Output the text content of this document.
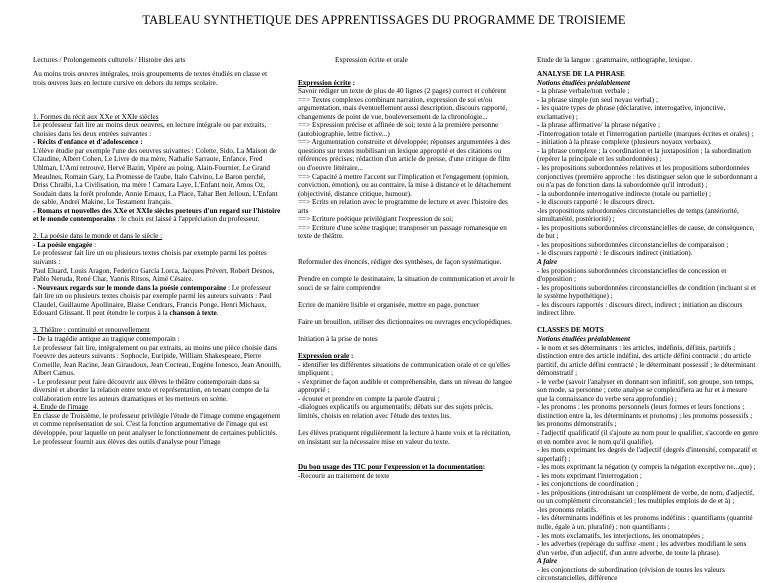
TABLEAU SYNTHETIQUE DES APPRENTISSAGES DU PROGRAMME DE TROISIEME
Lectures / Prolongements culturels / Histoire des arts	Expression écrite et orale	Etude de la langue : grammaire, orthographe, lexique.

Au moins trois œuvres intégrales, trois groupements de textes étudiés en classe et trois œuvres lues en lecture cursive en dehors du temps scolaire.

1. Formes du récit aux XXe et XXIe siècles

Le professeur fait lire au moins deux oeuvres, en lecture intégrale ou par extraits, choisies dans les deux entrées suivantes :

- Récits d'enfance et d'adolescence :

L'élève étudie par exemple l'une des oeuvres suivantes : Colette, Sido, La Maison de Claudine, Albert Cohen, Le Livre de ma mère, Nathalie Sarraute, Enfance, Fred Uhlman, L'Ami retrouvé, Hervé Bazin, Vipère au poing, Alain-Fournier, Le Grand Meaulnes, Romain Gary, La Promesse de l'aube, Italo Calvino, Le Baron perché, Driss Chraïbi, La Civilisation, ma mère ! Camara Laye, L'Enfant noir, Amos Oz, Soudain dans la forêt profonde, Annie Ernaux, La Place, Tahar Ben Jelloun, L'Enfant de sable, Andreï Makine, Le Testament français.

- Romans et nouvelles des XXe et XXIe siècles porteurs d'un regard sur l'histoire et le monde contemporains : le choix est laissé à l'appréciation du professeur.

2. La poésie dans le monde et dans le siècle :

- La poésie engagée :

Le professeur fait lire un ou plusieurs textes choisis par exemple parmi les poètes suivants :

Paul Eluard, Louis Aragon, Federico García Lorca, Jacques Prévert, Robert Desnos, Pablo Neruda, René Char, Yannis Ritsos, Aimé Césaire.

- Nouveaux regards sur le monde dans la poésie contemporaine : Le professeur fait lire un ou plusieurs textes choisis par exemple parmi les auteurs suivants : Paul Claudel, Guillaume Apollinaire, Blaise Cendrars, Francis Ponge, Henri Michaux, Edouard Glissant. Il peut étendre le corpus à la chanson à texte.

3. Théâtre : continuité et renouvellement

- De la tragédie antique au tragique contemporain :

Le professeur fait lire, intégralement ou par extraits, au moins une pièce choisie dans l'oeuvre des auteurs suivants : Sophocle, Euripide, William Shakespeare, Pierre Corneille, Jean Racine, Jean Giraudoux, Jean Cocteau, Eugène Ionesco, Jean Anouilh, Albert Camus.

- Le professeur peut faire découvrir aux élèves le théâtre contemporain dans sa diversité et aborder la relation entre texte et représentation, en tenant compte de la collaboration entre les auteurs dramatiques et les metteurs en scène.

4. Etude de l'image

En classe de Troisième, le professeur privilégie l'étude de l'image comme engagement et comme représentation de soi. C'est la fonction argumentative de l'image qui est développée, pour laquelle on peut analyser le fonctionnement de certaines publicités. Le professeur fournit aux élèves des outils d'analyse pour l'image

Expression écrite :

Savoir rédiger un texte de plus de 40 lignes (2 pages) correct et cohérent

==> Textes complexes combinant narration, expression de soi et/ou argumentation, mais éventuellement aussi description, discours rapporté, changements de point de vue, bouleversement de la chronologie...

==> Expression précise et affinée de soi; texte à la première personne (autobiographie, lettre fictive...)

==> Argumentation construite et développée; réponses argumentées à des questions sur textes mobilisant un lexique approprié et des citations ou références précises; rédaction d'un article de presse, d'une critique de film ou d'oeuvre littéraire...

==> Capacité à mettre l'accent sur l'implication et l'engagement (opinion, conviction, émotion), ou au contraire, la mise à distance et le détachement (objectivité, distance critique, humour).

==> Ecrits en relation avec le programme de lecture et avec l'histoire des arts

==> Ecriture poétique privilégiant l'expression de soi;

==> Ecriture d'une scène tragique; transposer un passage romanesque en texte de théâtre.

Reformuler des énoncés, rédiger des synthèses, de façon systématique.

Prendre en compte le destinataire, la situation de communication et avoir le souci de se faire comprendre

Ecrire de manière lisible et organisée, mettre en page, ponctuer

Faire un brouillon, utiliser des dictionnaires ou ouvrages encyclopédiques.

Initiation à la prise de notes

Expression orale :

- identifier les différentes situations de communication orale et ce qu'elles impliquent ;

- s'exprimer de façon audible et compréhensible, dans un niveau de langue approprié ;

- écouter et prendre en compte la parole d'autrui ;

-dialogues explicatifs ou argumentatifs; débats sur des sujets précis, limités, choisis en relation avec l'étude des textes lus.

Les élèves pratiquent régulièrement la lecture à haute voix et la récitation, en insistant sur la nécessaire mise en valeur du texte.

Du bon usage des TIC pour l'expression et la documentation:

-Recourir au traitement de texte

ANALYSE DE LA PHRASE

Notions étudiées préalablement

- la phrase verbale/non verbale ;

- la phrase simple (un seul noyau verbal) ;

- les quatre types de phrase (déclarative, interrogative, injonctive, exclamative) ;

- la phrase affirmative/ la phrase négative ;

-l'interrogation totale et l'interrogation partielle (marques écrites et orales) ;

- initiation à la phrase complexe (plusieurs noyaux verbaux).

- la phrase complexe ; la coordination et la juxtaposition ; la subordination (repérer la principale et les subordonnées) ;

- les propositions subordonnées relatives et les propositions subordonnées conjonctives (première approche : les distinguer selon que le subordonnant a ou n'a pas de fonction dans la subordonnée qu'il introduit) ;

- la subordonnée interrogative indirecte (totale ou partielle) ;

- le discours rapporté : le discours direct.

-les propositions subordonnées circonstancielles de temps (antériorité, simultanéité, postériorité) ;

- les propositions subordonnées circonstancielles de cause, de conséquence, de but ;

- les propositions subordonnées circonstancielles de comparaison ;

- le discours rapporté : le discours indirect (initiation).

A faire

- les propositions subordonnées circonstancielles de concession et d'opposition ;

- les propositions subordonnées circonstancielles de condition (incluant si et le système hypothétique) ;

- les discours rapportés : discours direct, indirect ; initiation au discours indirect libre.

CLASSES DE MOTS

Notions étudiées préalablement

- le nom et ses déterminants : les articles, indéfinis, définis, partitifs ; distinction entre des article indéfini, des article défini contracté ; du article partitif, du article défini contracté ; le déterminant possessif ; le déterminant démonstratif ;

- le verbe (savoir l'analyser en donnant son infinitif, son groupe, son temps, son mode, sa personne ; cette analyse se complexifiera au fur et à mesure que la connaissance du verbe sera approfondie) ;

- les pronoms : les pronoms personnels (leurs formes et leurs fonctions ; distinction entre la, les déterminants et pronoms) ; les pronoms possessifs ; les pronoms démonstratifs ;

- l'adjectif qualificatif (il s'ajoute au nom pour le qualifier, s'accorde en genre et en nombre avec le nom qu'il qualifie).

- les mots exprimant les degrés de l'adjectif (degrés d'intensité, comparatif et superlatif) ;

- les mots exprimant la négation (y compris la négation exceptive ne...que) ;

- les mots exprimant l'interrogation ;

- les conjonctions de coordination ;

- les prépositions (introduisant un complément de verbe, de nom, d'adjectif, ou un complément circonstanciel ; les multiples emplois de de et à) ;

-les pronoms relatifs.

- les déterminants indéfinis et les pronoms indéfinis : quantifiants (quantité nulle, égale à un, pluralité) ; non quantifiants ;

- les mots exclamatifs, les interjections, les onomatopées ;

- les adverbes (repérage du suffixe -ment ; les adverbes modifiant le sens d'un verbe, d'un adjectif, d'un autre adverbe, de toute la phrase).

A faire

- les conjonctions de subordination (révision de toutes les valeurs circonstancielles, différence
